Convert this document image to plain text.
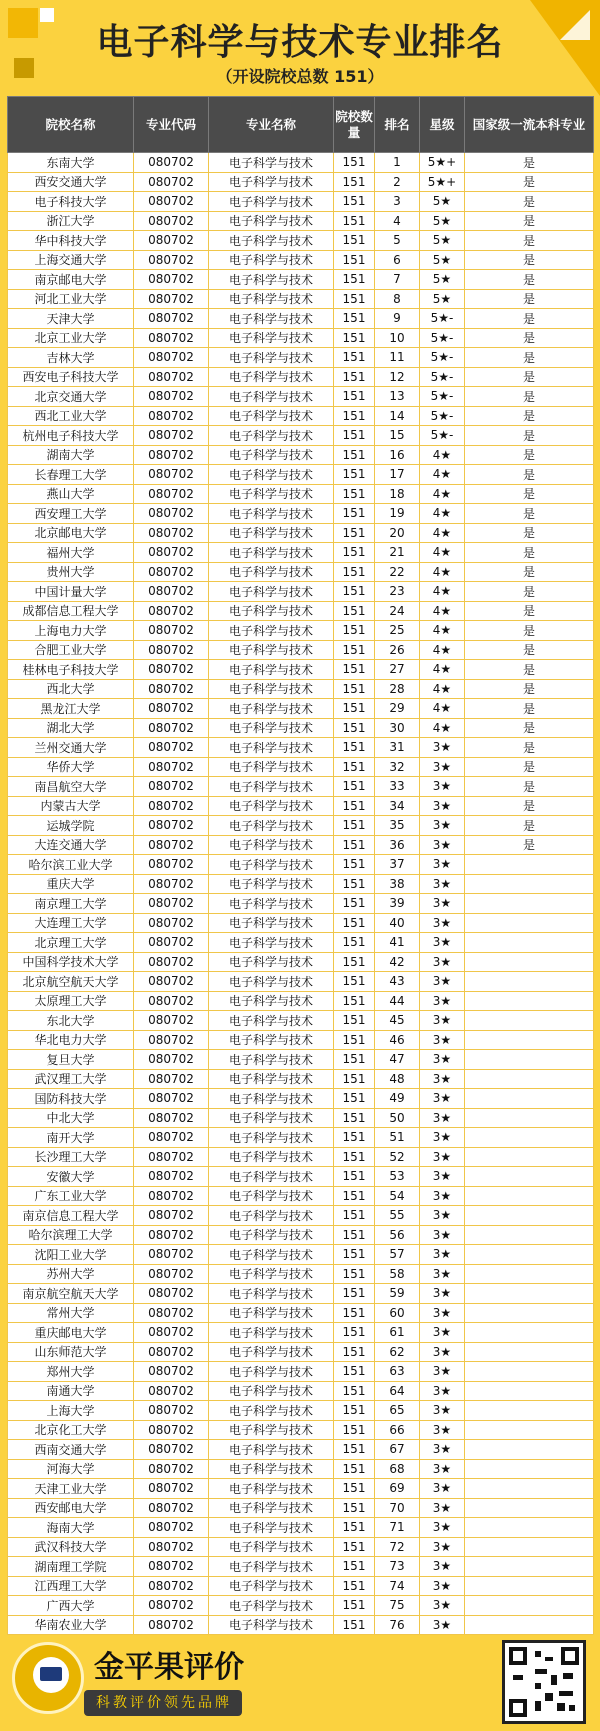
电子科学与技术专业排名
（开设院校总数 151）
院校名称	专业代码	专业名称	院校数量	排名	星级	国家级一流本科专业
东南大学	080702	电子科学与技术	151	1	5★+	是
西安交通大学	080702	电子科学与技术	151	2	5★+	是
电子科技大学	080702	电子科学与技术	151	3	5★	是
浙江大学	080702	电子科学与技术	151	4	5★	是
华中科技大学	080702	电子科学与技术	151	5	5★	是
上海交通大学	080702	电子科学与技术	151	6	5★	是
南京邮电大学	080702	电子科学与技术	151	7	5★	是
河北工业大学	080702	电子科学与技术	151	8	5★	是
天津大学	080702	电子科学与技术	151	9	5★-	是
北京工业大学	080702	电子科学与技术	151	10	5★-	是
吉林大学	080702	电子科学与技术	151	11	5★-	是
西安电子科技大学	080702	电子科学与技术	151	12	5★-	是
北京交通大学	080702	电子科学与技术	151	13	5★-	是
西北工业大学	080702	电子科学与技术	151	14	5★-	是
杭州电子科技大学	080702	电子科学与技术	151	15	5★-	是
湖南大学	080702	电子科学与技术	151	16	4★	是
长春理工大学	080702	电子科学与技术	151	17	4★	是
燕山大学	080702	电子科学与技术	151	18	4★	是
西安理工大学	080702	电子科学与技术	151	19	4★	是
北京邮电大学	080702	电子科学与技术	151	20	4★	是
福州大学	080702	电子科学与技术	151	21	4★	是
贵州大学	080702	电子科学与技术	151	22	4★	是
中国计量大学	080702	电子科学与技术	151	23	4★	是
成都信息工程大学	080702	电子科学与技术	151	24	4★	是
上海电力大学	080702	电子科学与技术	151	25	4★	是
合肥工业大学	080702	电子科学与技术	151	26	4★	是
桂林电子科技大学	080702	电子科学与技术	151	27	4★	是
西北大学	080702	电子科学与技术	151	28	4★	是
黑龙江大学	080702	电子科学与技术	151	29	4★	是
湖北大学	080702	电子科学与技术	151	30	4★	是
兰州交通大学	080702	电子科学与技术	151	31	3★	是
华侨大学	080702	电子科学与技术	151	32	3★	是
南昌航空大学	080702	电子科学与技术	151	33	3★	是
内蒙古大学	080702	电子科学与技术	151	34	3★	是
运城学院	080702	电子科学与技术	151	35	3★	是
大连交通大学	080702	电子科学与技术	151	36	3★	是
哈尔滨工业大学	080702	电子科学与技术	151	37	3★	
重庆大学	080702	电子科学与技术	151	38	3★	
南京理工大学	080702	电子科学与技术	151	39	3★	
大连理工大学	080702	电子科学与技术	151	40	3★	
北京理工大学	080702	电子科学与技术	151	41	3★	
中国科学技术大学	080702	电子科学与技术	151	42	3★	
北京航空航天大学	080702	电子科学与技术	151	43	3★	
太原理工大学	080702	电子科学与技术	151	44	3★	
东北大学	080702	电子科学与技术	151	45	3★	
华北电力大学	080702	电子科学与技术	151	46	3★	
复旦大学	080702	电子科学与技术	151	47	3★	
武汉理工大学	080702	电子科学与技术	151	48	3★	
国防科技大学	080702	电子科学与技术	151	49	3★	
中北大学	080702	电子科学与技术	151	50	3★	
南开大学	080702	电子科学与技术	151	51	3★	
长沙理工大学	080702	电子科学与技术	151	52	3★	
安徽大学	080702	电子科学与技术	151	53	3★	
广东工业大学	080702	电子科学与技术	151	54	3★	
南京信息工程大学	080702	电子科学与技术	151	55	3★	
哈尔滨理工大学	080702	电子科学与技术	151	56	3★	
沈阳工业大学	080702	电子科学与技术	151	57	3★	
苏州大学	080702	电子科学与技术	151	58	3★	
南京航空航天大学	080702	电子科学与技术	151	59	3★	
常州大学	080702	电子科学与技术	151	60	3★	
重庆邮电大学	080702	电子科学与技术	151	61	3★	
山东师范大学	080702	电子科学与技术	151	62	3★	
郑州大学	080702	电子科学与技术	151	63	3★	
南通大学	080702	电子科学与技术	151	64	3★	
上海大学	080702	电子科学与技术	151	65	3★	
北京化工大学	080702	电子科学与技术	151	66	3★	
西南交通大学	080702	电子科学与技术	151	67	3★	
河海大学	080702	电子科学与技术	151	68	3★	
天津工业大学	080702	电子科学与技术	151	69	3★	
西安邮电大学	080702	电子科学与技术	151	70	3★	
海南大学	080702	电子科学与技术	151	71	3★	
武汉科技大学	080702	电子科学与技术	151	72	3★	
湖南理工学院	080702	电子科学与技术	151	73	3★	
江西理工大学	080702	电子科学与技术	151	74	3★	
广西大学	080702	电子科学与技术	151	75	3★	
华南农业大学	080702	电子科学与技术	151	76	3★	
金平果评价
科教评价领先品牌
